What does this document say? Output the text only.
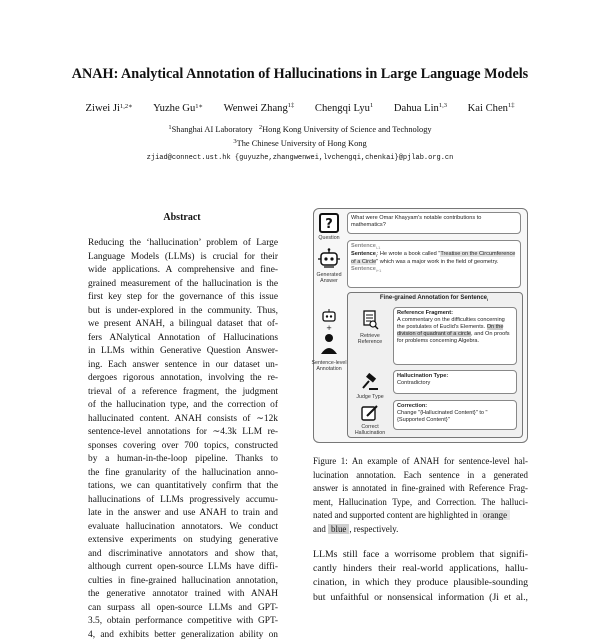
ANAH: Analytical Annotation of Hallucinations in Large Language Models
Ziwei $Ji^{1,2∗}$ Yuzhe $Gu^{1∗}$ Wenwei Zhang$^{1\ddagger}$ Chengqi Lyu$^1$ Dahua Lin$^{1,3}$ Kai Chen$^{1\ddagger}$
$^1$Shanghai AI Laboratory $^2$Hong Kong University of Science and Technology
$^3$The Chinese University of Hong Kong
zjiad@connect.ust.hk {guyuzhe,zhangwenwei,lvchengqi,chenkai}@pjlab.org.cn
Abstract
Reducing the ‘hallucination’ problem of Large
Language Models (LLMs) is crucial for their
wide applications. A comprehensive and fine-
grained measurement of the hallucination is the
first key step for the governance of this issue
but is under-explored in the community. Thus,
we present ANAH, a bilingual dataset that of-
fers ANalytical Annotation of Hallucinations
in LLMs within Generative Question Answer-
ing. Each answer sentence in our dataset un-
dergoes rigorous annotation, involving the re-
trieval of a reference fragment, the judgment
of the hallucination type, and the correction of
hallucinated content. ANAH consists of ∼12k
sentence-level annotations for ∼4.3k LLM re-
sponses covering over 700 topics, constructed
by a human-in-the-loop pipeline. Thanks to
the fine granularity of the hallucination anno-
tations, we can quantitatively confirm that the
hallucinations of LLMs progressively accumu-
late in the answer and use ANAH to train and
evaluate hallucination annotators. We conduct
extensive experiments on studying generative
and discriminative annotators and show that,
although current open-source LLMs have diffi-
culties in fine-grained hallucination annotation,
the generative annotator trained with ANAH
can surpass all open-source LLMs and GPT-
3.5, obtain performance competitive with GPT-
4, and exhibits better generalization ability on
?
Question
What were Omar Khayyam's notable contributions to mathematics?
Generated Answer
Sentence$_{i-1}$
Sentence$_i$: He wrote a book called "Treatise on the Circumference of a Circle" which was a major work in the field of geometry.
Sentence$_{i+1}$
Fine-grained Annotation for Sentence$_i$
+
Sentence-level Annotation
Retrieve Reference
Reference Fragment:
A commentary on the difficulties concerning the postulates of Euclid's Elements. On the division of quadrant of a circle, and On proofs for problems concerning Algebra.
Judge Type
Hallucination Type:
Contradictory
Correct Hallucination
Correction:
Change "{Hallucinated Content}" to "{Supported Content}"
Figure 1: An example of ANAH for sentence-level hal-
lucination annotation. Each sentence in a generated
answer is annotated in fine-grained with Reference Frag-
ment, Hallucination Type, and Correction. The halluci-
nated and supported content are highlighted in orange
and blue , respectively.
LLMs still face a worrisome problem that signifi-
cantly hinders their real-world applications, hallu-
cination, in which they produce plausible-sounding
but unfaithful or nonsensical information (Ji et al.,
